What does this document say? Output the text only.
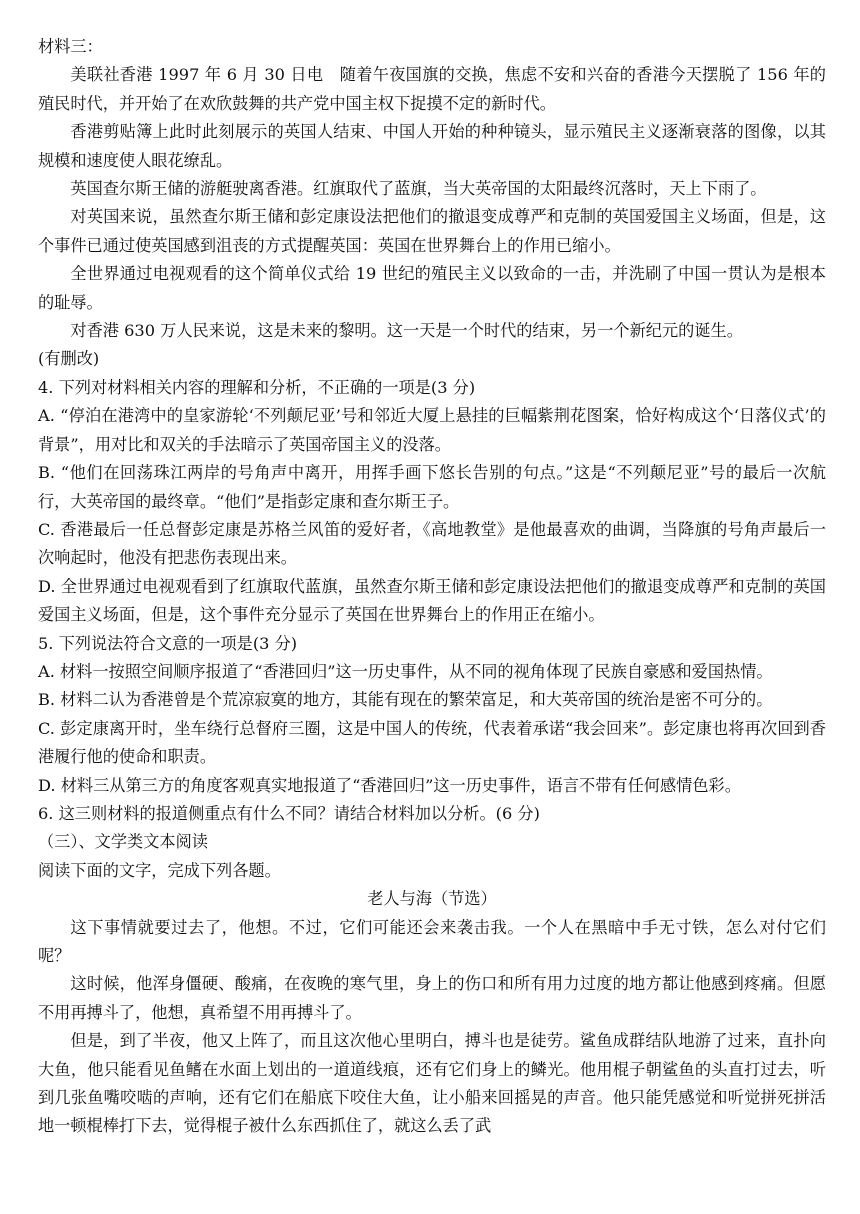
材料三：

美联社香港 1997 年 6 月 30 日电　随着午夜国旗的交换，焦虑不安和兴奋的香港今天摆脱了 156 年的殖民时代，并开始了在欢欣鼓舞的共产党中国主权下捉摸不定的新时代。

香港剪贴簿上此时此刻展示的英国人结束、中国人开始的种种镜头，显示殖民主义逐渐衰落的图像，以其规模和速度使人眼花缭乱。

英国查尔斯王储的游艇驶离香港。红旗取代了蓝旗，当大英帝国的太阳最终沉落时，天上下雨了。

对英国来说，虽然查尔斯王储和彭定康设法把他们的撤退变成尊严和克制的英国爱国主义场面，但是，这个事件已通过使英国感到沮丧的方式提醒英国：英国在世界舞台上的作用已缩小。

全世界通过电视观看的这个简单仪式给 19 世纪的殖民主义以致命的一击，并洗刷了中国一贯认为是根本的耻辱。

对香港 630 万人民来说，这是未来的黎明。这一天是一个时代的结束，另一个新纪元的诞生。

(有删改)

4. 下列对材料相关内容的理解和分析，不正确的一项是(3 分)

A. “停泊在港湾中的皇家游轮‘不列颠尼亚’号和邻近大厦上悬挂的巨幅紫荆花图案，恰好构成这个‘日落仪式’的背景”，用对比和双关的手法暗示了英国帝国主义的没落。

B. “他们在回荡珠江两岸的号角声中离开，用挥手画下悠长告别的句点。”这是“不列颠尼亚”号的最后一次航行，大英帝国的最终章。“他们”是指彭定康和查尔斯王子。

C. 香港最后一任总督彭定康是苏格兰风笛的爱好者，《高地教堂》是他最喜欢的曲调，当降旗的号角声最后一次响起时，他没有把悲伤表现出来。

D. 全世界通过电视观看到了红旗取代蓝旗，虽然查尔斯王储和彭定康设法把他们的撤退变成尊严和克制的英国爱国主义场面，但是，这个事件充分显示了英国在世界舞台上的作用正在缩小。

5. 下列说法符合文意的一项是(3 分)

A. 材料一按照空间顺序报道了“香港回归”这一历史事件，从不同的视角体现了民族自豪感和爱国热情。

B. 材料二认为香港曾是个荒凉寂寞的地方，其能有现在的繁荣富足，和大英帝国的统治是密不可分的。

C. 彭定康离开时，坐车绕行总督府三圈，这是中国人的传统，代表着承诺“我会回来”。彭定康也将再次回到香港履行他的使命和职责。

D. 材料三从第三方的角度客观真实地报道了“香港回归”这一历史事件，语言不带有任何感情色彩。

6. 这三则材料的报道侧重点有什么不同？请结合材料加以分析。(6 分)

（三）、文学类文本阅读

阅读下面的文字，完成下列各题。

老人与海（节选）

这下事情就要过去了，他想。不过，它们可能还会来袭击我。一个人在黑暗中手无寸铁，怎么对付它们呢？

这时候，他浑身僵硬、酸痛，在夜晚的寒气里，身上的伤口和所有用力过度的地方都让他感到疼痛。但愿不用再搏斗了，他想，真希望不用再搏斗了。

但是，到了半夜，他又上阵了，而且这次他心里明白，搏斗也是徒劳。鲨鱼成群结队地游了过来，直扑向大鱼，他只能看见鱼鳍在水面上划出的一道道线痕，还有它们身上的鳞光。他用棍子朝鲨鱼的头直打过去，听到几张鱼嘴咬啮的声响，还有它们在船底下咬住大鱼，让小船来回摇晃的声音。他只能凭感觉和听觉拼死拼活地一顿棍棒打下去，觉得棍子被什么东西抓住了，就这么丢了武
